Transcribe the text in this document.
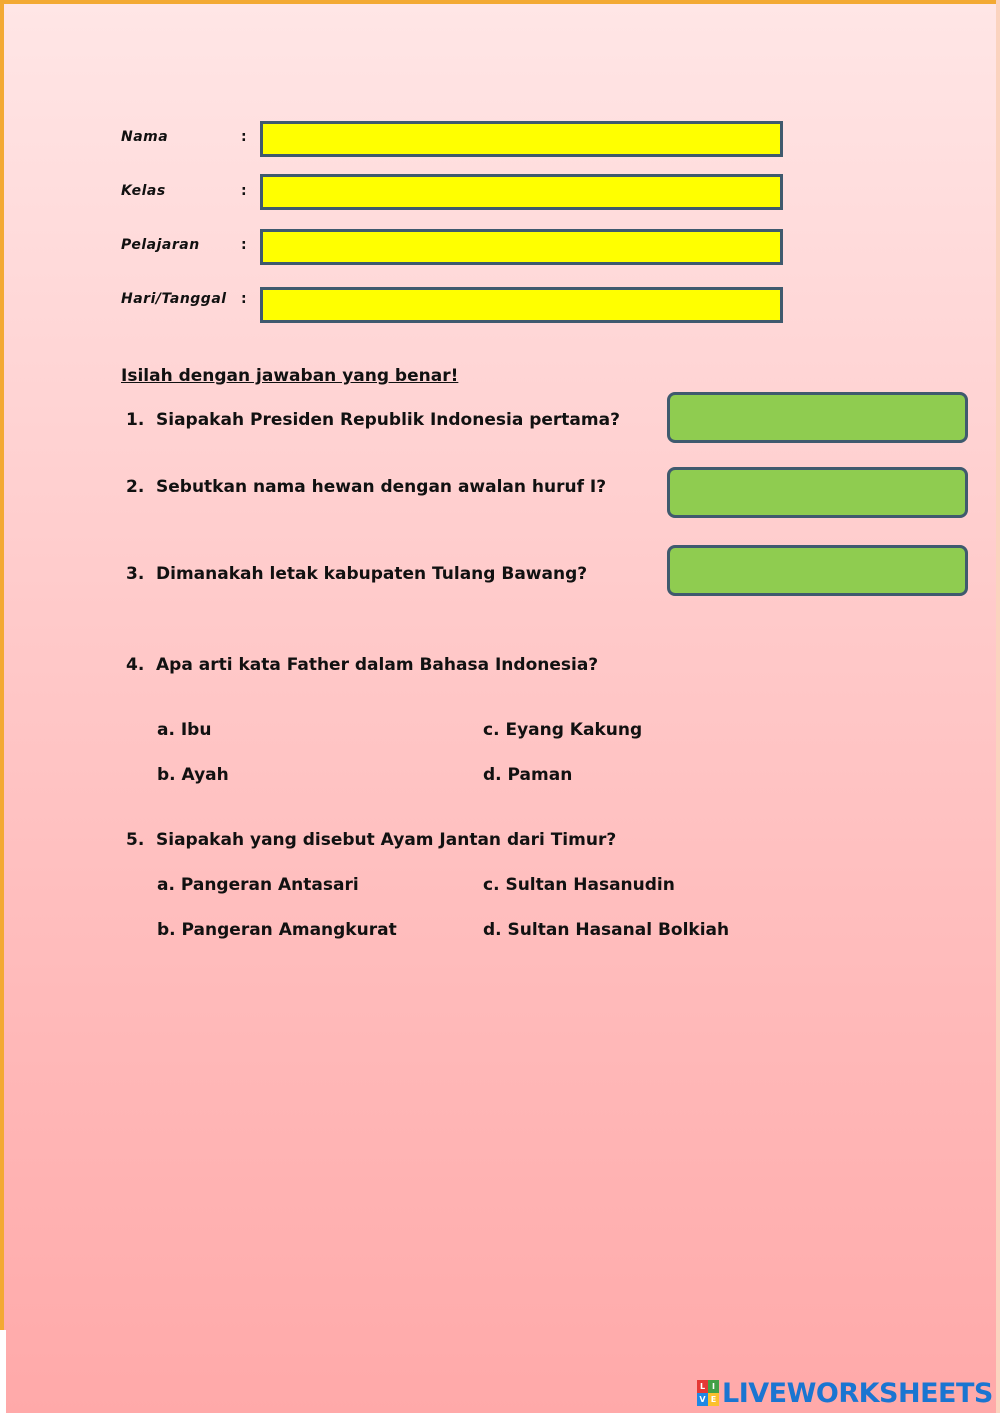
Nama	:
Kelas	:
Pelajaran	:
Hari/Tanggal :
Isilah dengan jawaban yang benar!
1. Siapakah Presiden Republik Indonesia pertama?
2. Sebutkan nama hewan dengan awalan huruf I?
3. Dimanakah letak kabupaten Tulang Bawang?
4. Apa arti kata Father dalam Bahasa Indonesia?
a. Ibu
b. Ayah
c. Eyang Kakung
d. Paman
5. Siapakah yang disebut Ayam Jantan dari Timur?
a. Pangeran Antasari
b. Pangeran Amangkurat
c. Sultan Hasanudin
d. Sultan Hasanal Bolkiah
L I
V E LIVEWORKSHEETS
